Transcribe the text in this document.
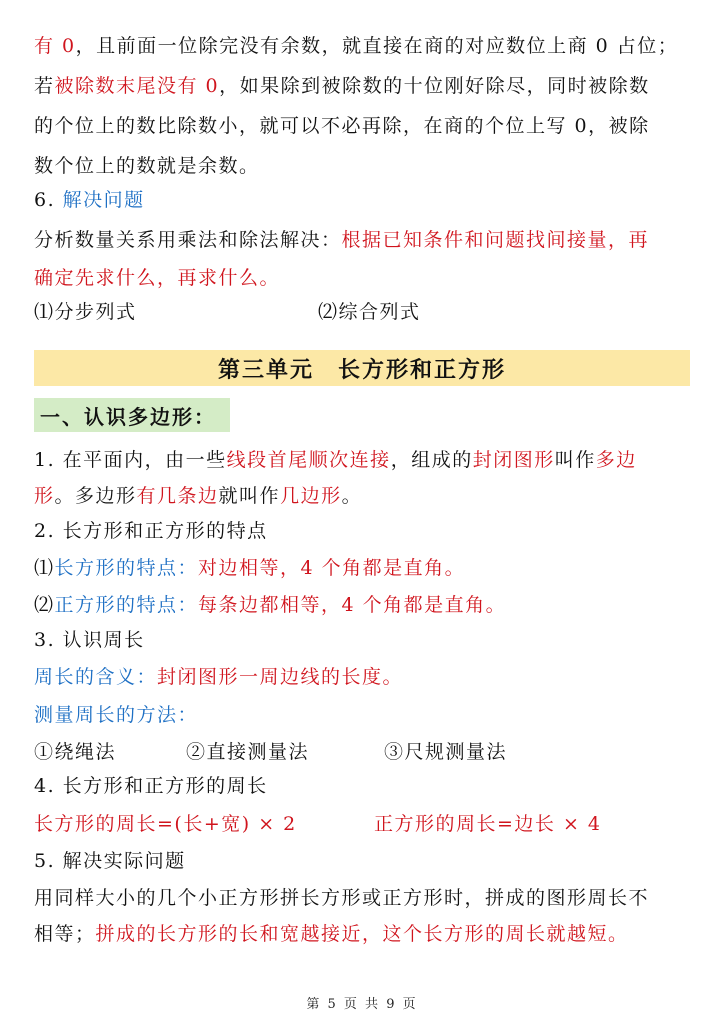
有 0，且前面一位除完没有余数，就直接在商的对应数位上商 0 占位；
若被除数末尾没有 0，如果除到被除数的十位刚好除尽，同时被除数
的个位上的数比除数小，就可以不必再除，在商的个位上写 0，被除
数个位上的数就是余数。
6. 解决问题
分析数量关系用乘法和除法解决：根据已知条件和问题找间接量，再
确定先求什么，再求什么。
⑴分步列式	⑵综合列式
第三单元 长方形和正方形
一、认识多边形：
1. 在平面内，由一些线段首尾顺次连接，组成的封闭图形叫作多边
形。多边形有几条边就叫作几边形。
2. 长方形和正方形的特点
⑴长方形的特点：对边相等，4 个角都是直角。
⑵正方形的特点：每条边都相等，4 个角都是直角。
3. 认识周长
周长的含义：封闭图形一周边线的长度。
测量周长的方法：
①绕绳法	②直接测量法	③尺规测量法
4. 长方形和正方形的周长
长方形的周长=(长+宽) × 2	正方形的周长=边长 × 4
5. 解决实际问题
用同样大小的几个小正方形拼长方形或正方形时，拼成的图形周长不
相等；拼成的长方形的长和宽越接近，这个长方形的周长就越短。
第 5 页 共 9 页
